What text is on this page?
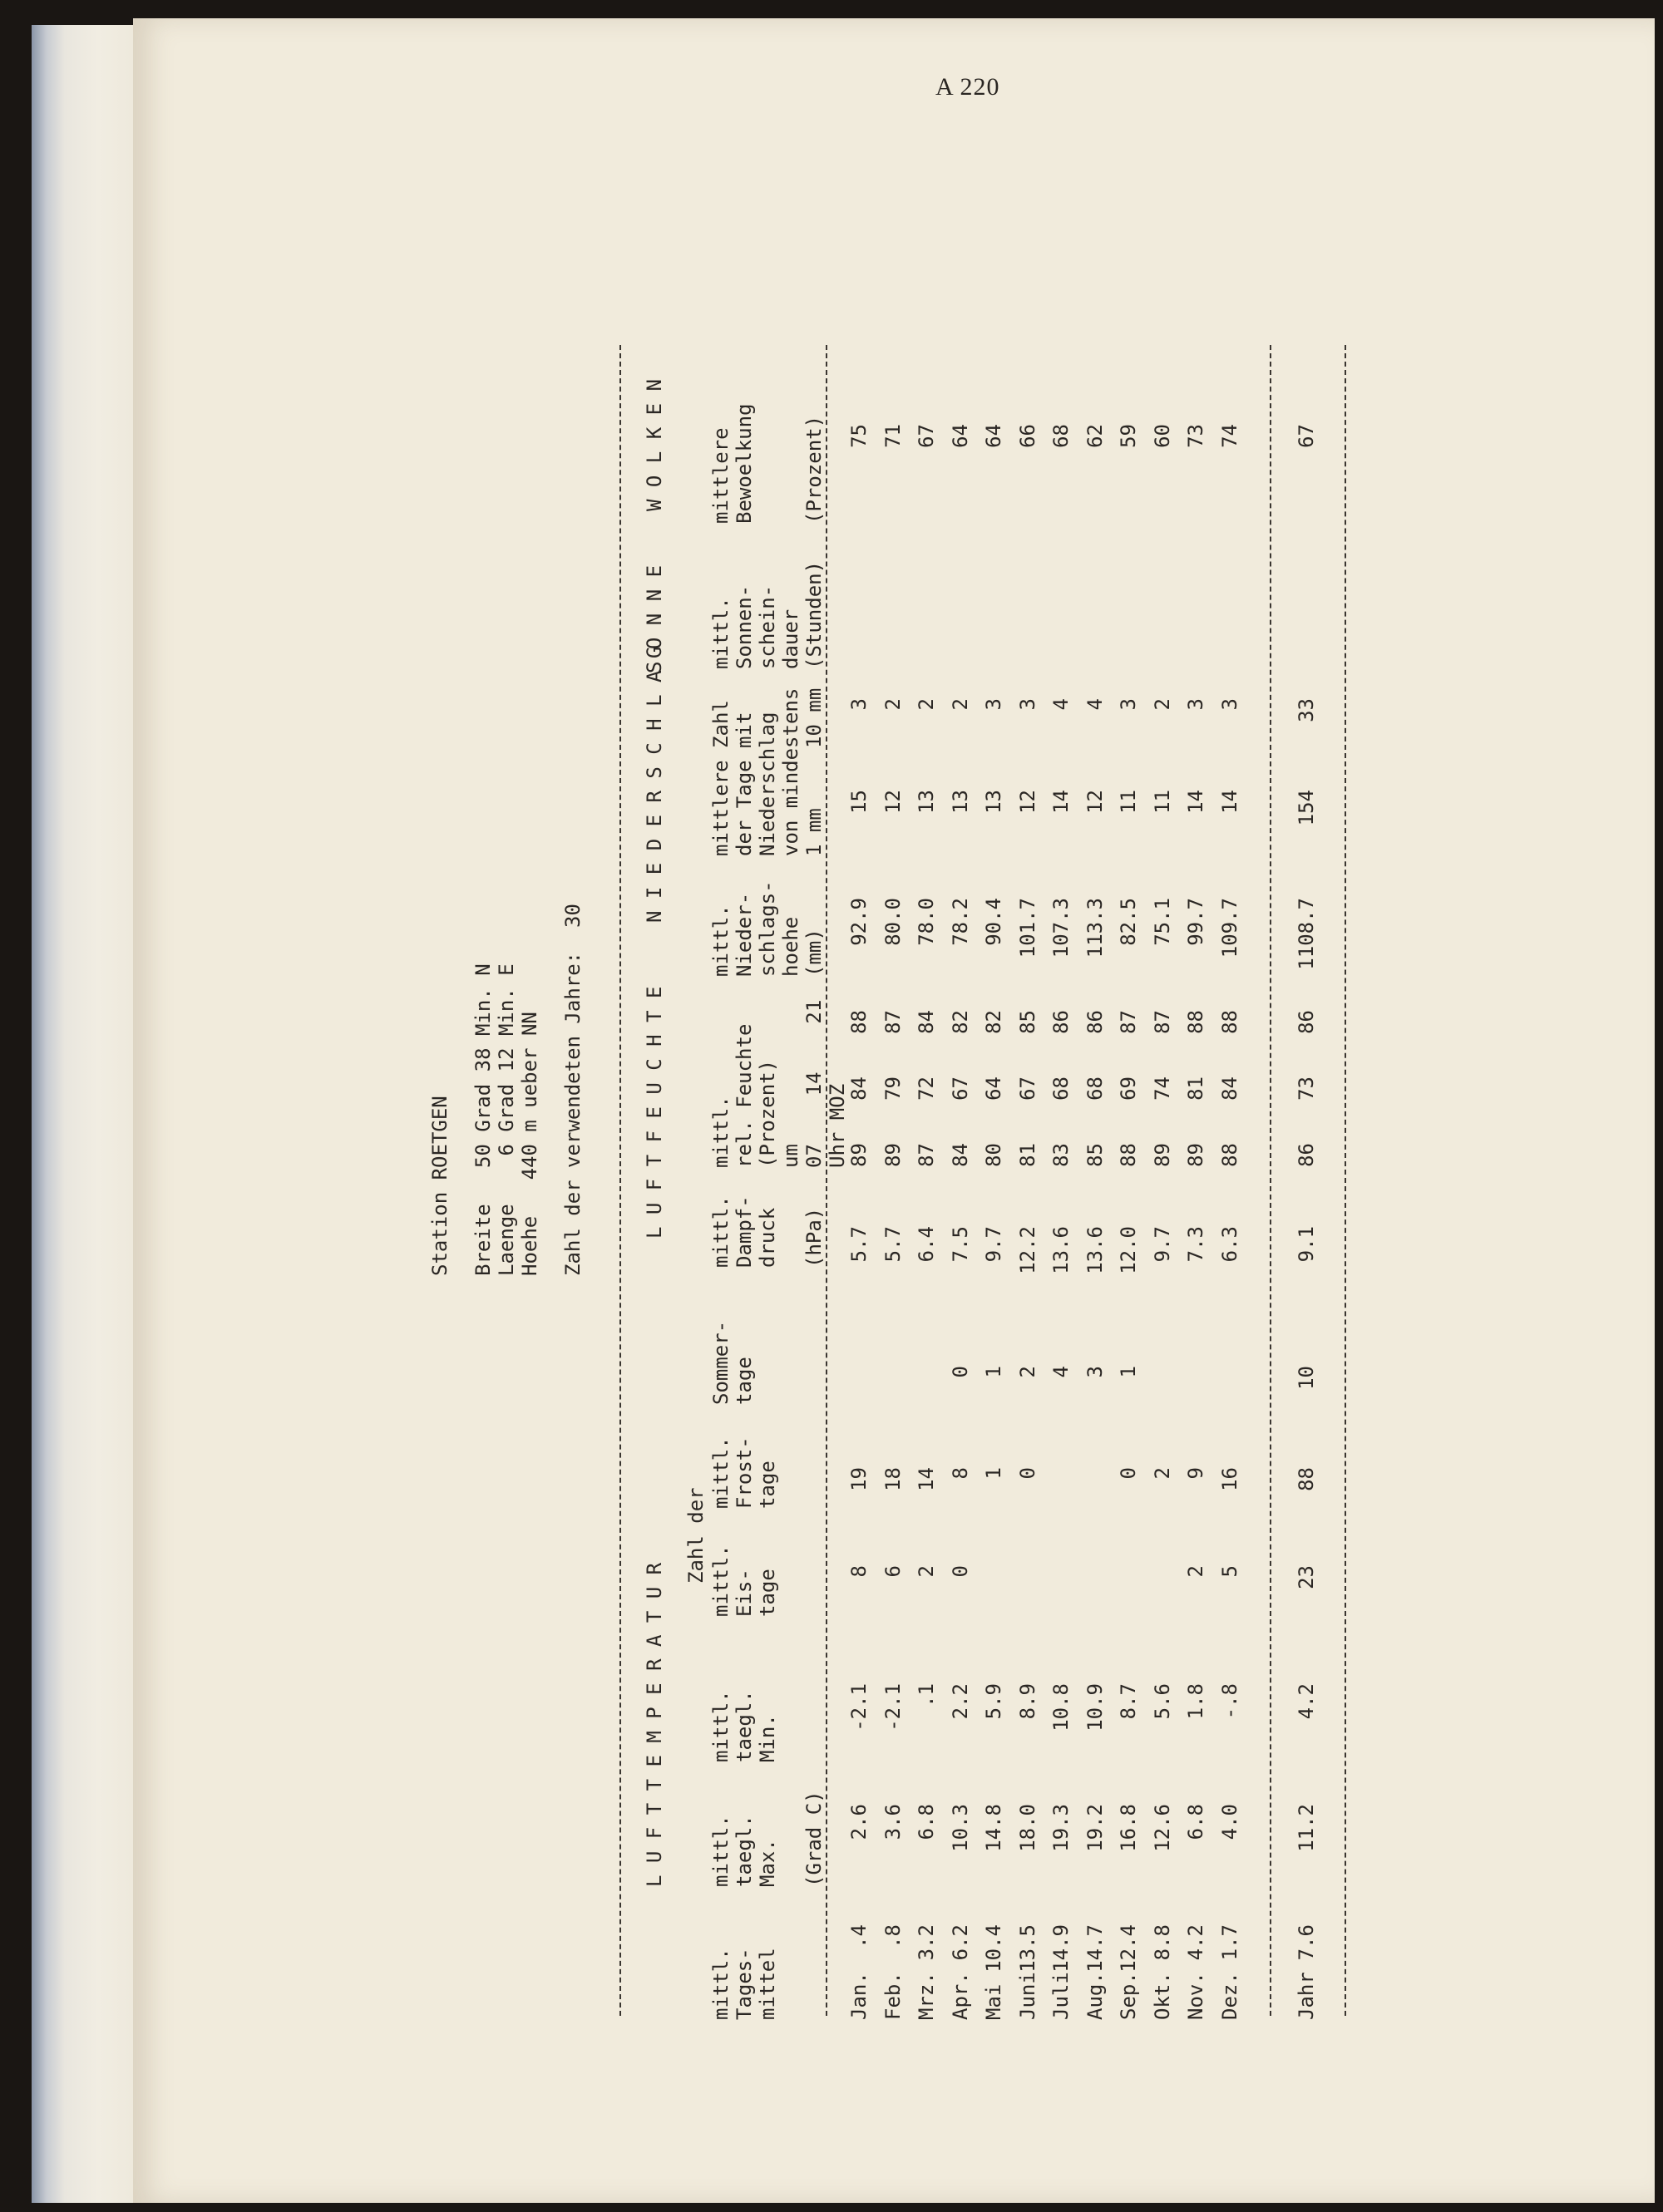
A 220
Station ROETGEN Breite   50 Grad 38 Min. N Laenge    6 Grad 12 Min. E Hoehe   440 m ueber NN Zahl der verwendeten Jahre:  30
L U F T T E M P E R A T U R
L U F T F E U C H T E
N I E D E R S C H L A G
S O N N E
W O L K E N
Zahl der
mittl. Tages- mittel
mittl. taegl. Max.
mittl. taegl. Min.
mittl. Eis- tage
mittl. Frost- tage
Sommer- tage
mittl. Dampf- druck (hPa)
mittl. rel. Feuchte (Prozent) um 07    14    21 Uhr MOZ
mittl. Nieder- schlags- hoehe (mm)
mittlere Zahl der Tage mit Niederschlag von mindestens 1 mm     10 mm
mittl. Sonnen- schein- dauer (Stunden)
mittlere Bewoelkung (Prozent)
(Grad C)
Jan.
.4
2.6
-2.1
8
19
5.7
89
84
88
92.9
15
3
75
Feb.
.8
3.6
-2.1
6
18
5.7
89
79
87
80.0
12
2
71
Mrz.
3.2
6.8
.1
2
14
6.4
87
72
84
78.0
13
2
67
Apr.
6.2
10.3
2.2
0
8
0
7.5
84
67
82
78.2
13
2
64
Mai
10.4
14.8
5.9
1
1
9.7
80
64
82
90.4
13
3
64
Juni
13.5
18.0
8.9
0
2
12.2
81
67
85
101.7
12
3
66
Juli
14.9
19.3
10.8
4
13.6
83
68
86
107.3
14
4
68
Aug.
14.7
19.2
10.9
3
13.6
85
68
86
113.3
12
4
62
Sep.
12.4
16.8
8.7
0
1
12.0
88
69
87
82.5
11
3
59
Okt.
8.8
12.6
5.6
2
9.7
89
74
87
75.1
11
2
60
Nov.
4.2
6.8
1.8
2
9
7.3
89
81
88
99.7
14
3
73
Dez.
1.7
4.0
-.8
5
16
6.3
88
84
88
109.7
14
3
74
Jahr
7.6
11.2
4.2
23
88
10
9.1
86
73
86
1108.7
154
33
67
